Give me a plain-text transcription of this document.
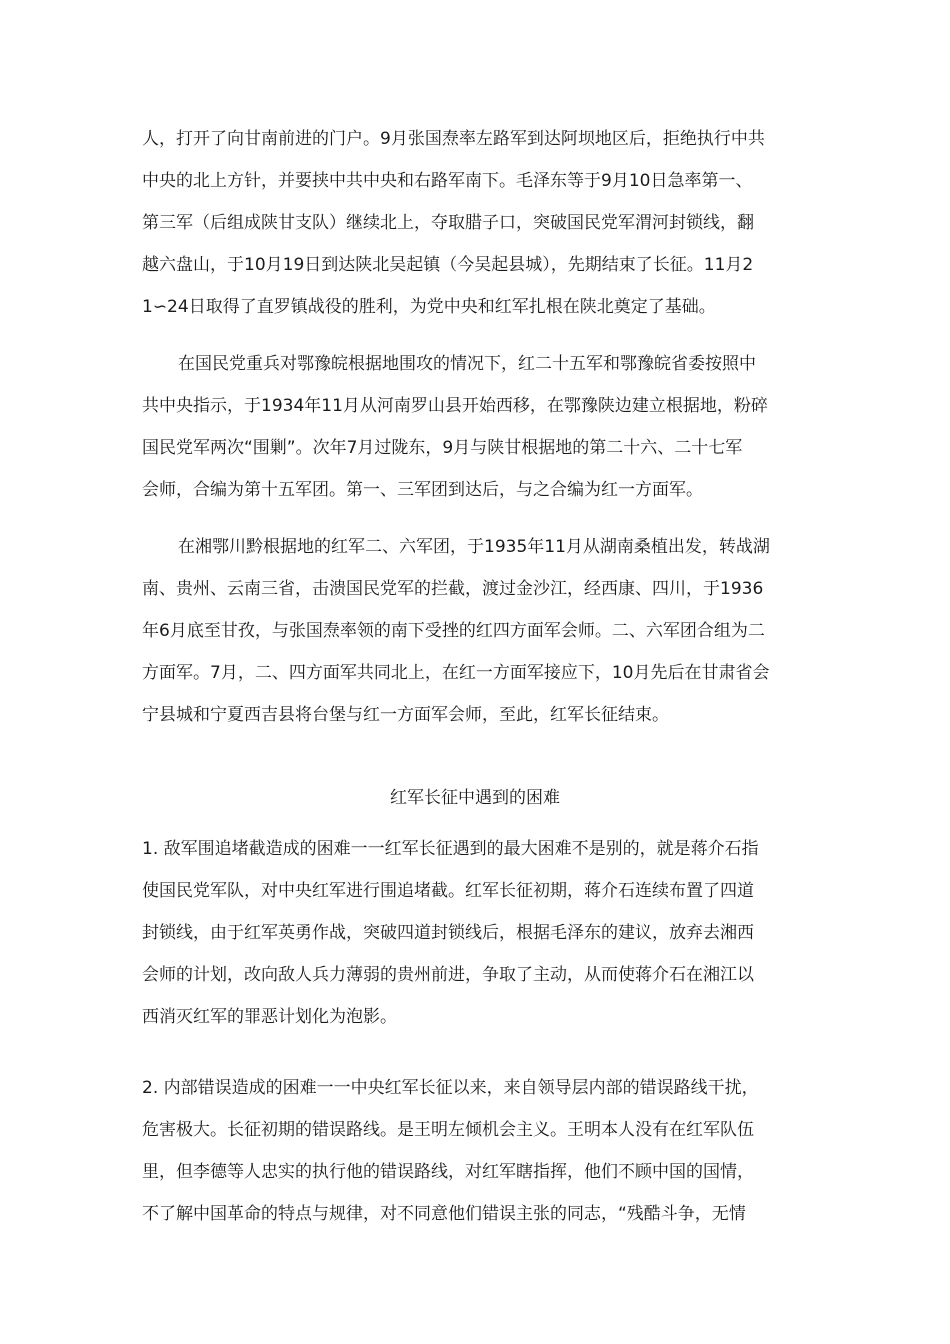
人，打开了向甘南前进的门户。9月张国焘率左路军到达阿坝地区后，拒绝执行中共
中央的北上方针，并要挟中共中央和右路军南下。毛泽东等于9月10日急率第一、
第三军（后组成陕甘支队）继续北上，夺取腊子口，突破国民党军渭河封锁线，翻
越六盘山，于10月19日到达陕北吴起镇（今吴起县城），先期结束了长征。11月2
1∽24日取得了直罗镇战役的胜利，为党中央和红军扎根在陕北奠定了基础。
在国民党重兵对鄂豫皖根据地围攻的情况下，红二十五军和鄂豫皖省委按照中
共中央指示，于1934年11月从河南罗山县开始西移，在鄂豫陕边建立根据地，粉碎
国民党军两次“围剿”。次年7月过陇东，9月与陕甘根据地的第二十六、二十七军
会师，合编为第十五军团。第一、三军团到达后，与之合编为红一方面军。
在湘鄂川黔根据地的红军二、六军团，于1935年11月从湖南桑植出发，转战湖
南、贵州、云南三省，击溃国民党军的拦截，渡过金沙江，经西康、四川，于1936
年6月底至甘孜，与张国焘率领的南下受挫的红四方面军会师。二、六军团合组为二
方面军。7月，二、四方面军共同北上，在红一方面军接应下，10月先后在甘肃省会
宁县城和宁夏西吉县将台堡与红一方面军会师，至此，红军长征结束。
红军长征中遇到的困难
1. 敌军围追堵截造成的困难一一红军长征遇到的最大困难不是别的，就是蒋介石指
使国民党军队，对中央红军进行围追堵截。红军长征初期，蒋介石连续布置了四道
封锁线，由于红军英勇作战，突破四道封锁线后，根据毛泽东的建议，放弃去湘西
会师的计划，改向敌人兵力薄弱的贵州前进，争取了主动，从而使蒋介石在湘江以
西消灭红军的罪恶计划化为泡影。
2. 内部错误造成的困难一一中央红军长征以来，来自领导层内部的错误路线干扰，
危害极大。长征初期的错误路线。是王明左倾机会主义。王明本人没有在红军队伍
里，但李德等人忠实的执行他的错误路线，对红军瞎指挥，他们不顾中国的国情，
不了解中国革命的特点与规律，对不同意他们错误主张的同志，“残酷斗争，无情
